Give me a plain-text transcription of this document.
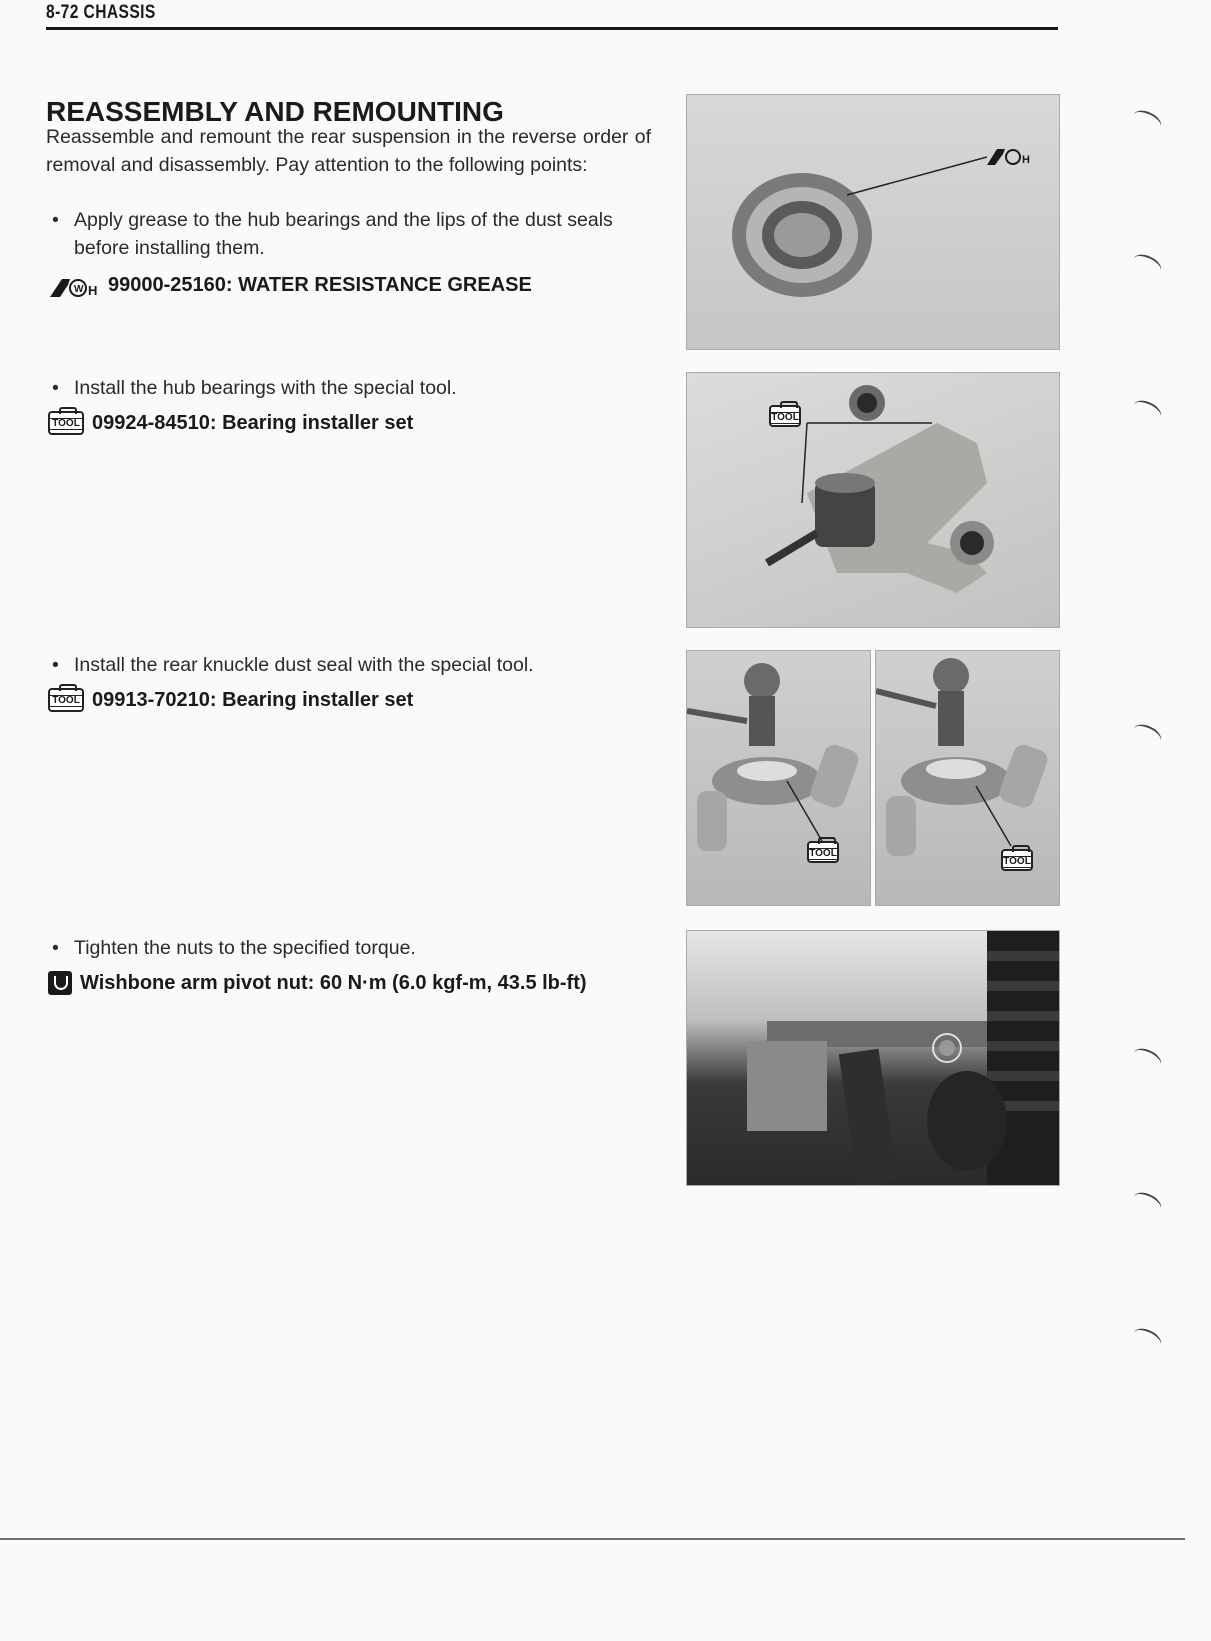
8-72 CHASSIS
REASSEMBLY AND REMOUNTING
Reassemble and remount the rear suspension in the reverse order of removal and disassembly. Pay attention to the following points:
• Apply grease to the hub bearings and the lips of the dust seals before installing them.
W H 99000-25160: WATER RESISTANCE GREASE
• Install the hub bearings with the special tool.
TOOL 09924-84510: Bearing installer set
• Install the rear knuckle dust seal with the special tool.
TOOL 09913-70210: Bearing installer set
• Tighten the nuts to the specified torque.
Wishbone arm pivot nut: 60 N·m (6.0 kgf-m, 43.5 lb-ft)
H
TOOL
TOOL
TOOL
